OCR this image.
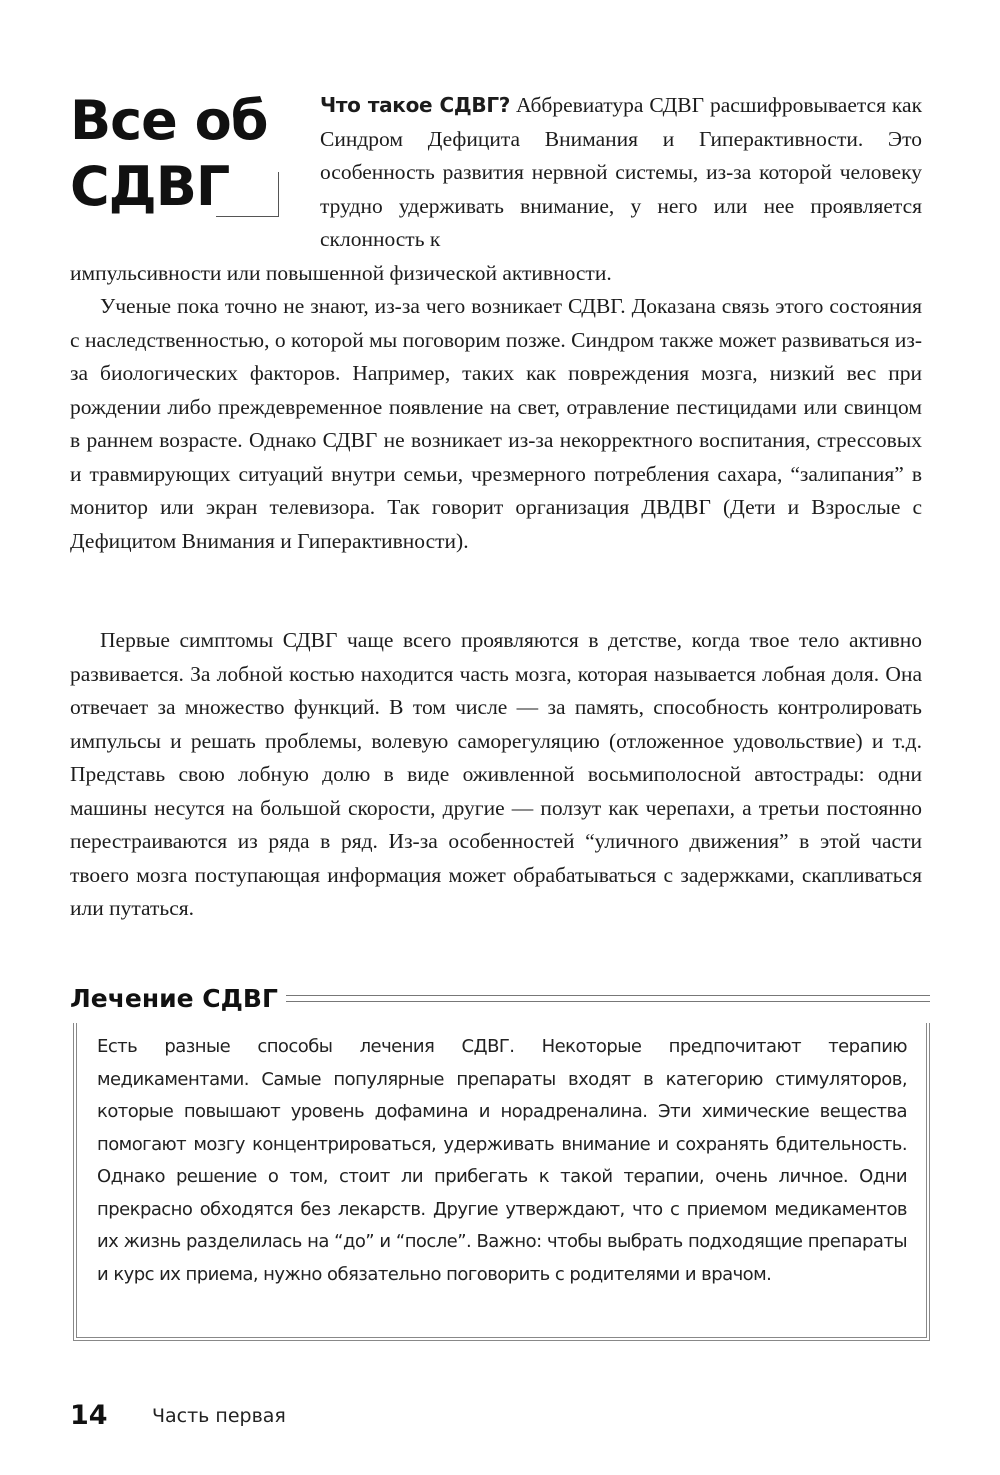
Все об
СДВГ
Что такое СДВГ? Аббревиатура СДВГ расшифровывается как Синдром Дефицита Внимания и Гиперактивности. Это особенность развития нервной системы, из-за которой человеку трудно удерживать внимание, у него или нее проявляется склонность к
импульсивности или повышенной физической активности.
Ученые пока точно не знают, из-за чего возникает СДВГ. Доказана связь этого состояния с наследственностью, о которой мы поговорим позже. Синдром также может развиваться из-за биологических факторов. Например, таких как повреждения мозга, низкий вес при рождении либо преждевременное появление на свет, отравление пестицидами или свинцом в раннем возрасте. Однако СДВГ не возникает из-за некорректного воспитания, стрессовых и травмирующих ситуаций внутри семьи, чрезмерного потребления сахара, “залипания” в монитор или экран телевизора. Так говорит организация ДВДВГ (Дети и Взрослые с Дефицитом Внимания и Гиперактивности).
Первые симптомы СДВГ чаще всего проявляются в детстве, когда твое тело активно развивается. За лобной костью находится часть мозга, которая называется лобная доля. Она отвечает за множество функций. В том числе — за память, способность контролировать импульсы и решать проблемы, волевую саморегуляцию (отложенное удовольствие) и т.д. Представь свою лобную долю в виде оживленной восьмиполосной автострады: одни машины несутся на большой скорости, другие — ползут как черепахи, а третьи постоянно перестраиваются из ряда в ряд. Из-за особенностей “уличного движения” в этой части твоего мозга поступающая информация может обрабатываться с задержками, скапливаться или путаться.
Лечение СДВГ
Есть разные способы лечения СДВГ. Некоторые предпочитают терапию медикаментами. Самые популярные препараты входят в категорию стимуляторов, которые повышают уровень дофамина и норадреналина. Эти химические вещества помогают мозгу концентрироваться, удерживать внимание и сохранять бдительность. Однако решение о том, стоит ли прибегать к такой терапии, очень личное. Одни прекрасно обходятся без лекарств. Другие утверждают, что с приемом медикаментов их жизнь разделилась на “до” и “после”. Важно: чтобы выбрать подходящие препараты и курс их приема, нужно обязательно поговорить с родителями и врачом.
14 Часть первая
